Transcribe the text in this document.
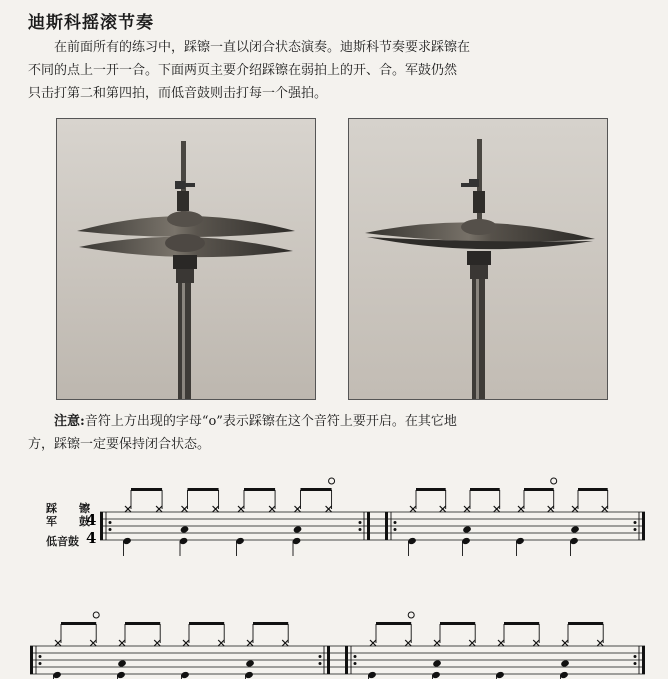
迪斯科摇滚节奏
在前面所有的练习中，踩镲一直以闭合状态演奏。迪斯科节奏要求踩镲在
不同的点上一开一合。下面两页主要介绍踩镲在弱拍上的开、合。军鼓仍然
只击打第二和第四拍，而低音鼓则击打每一个强拍。
注意:音符上方出现的字母“o”表示踩镲在这个音符上要开启。在其它地
方，踩镲一定要保持闭合状态。
踩　　镲
军　　鼓
低音鼓
4
4
